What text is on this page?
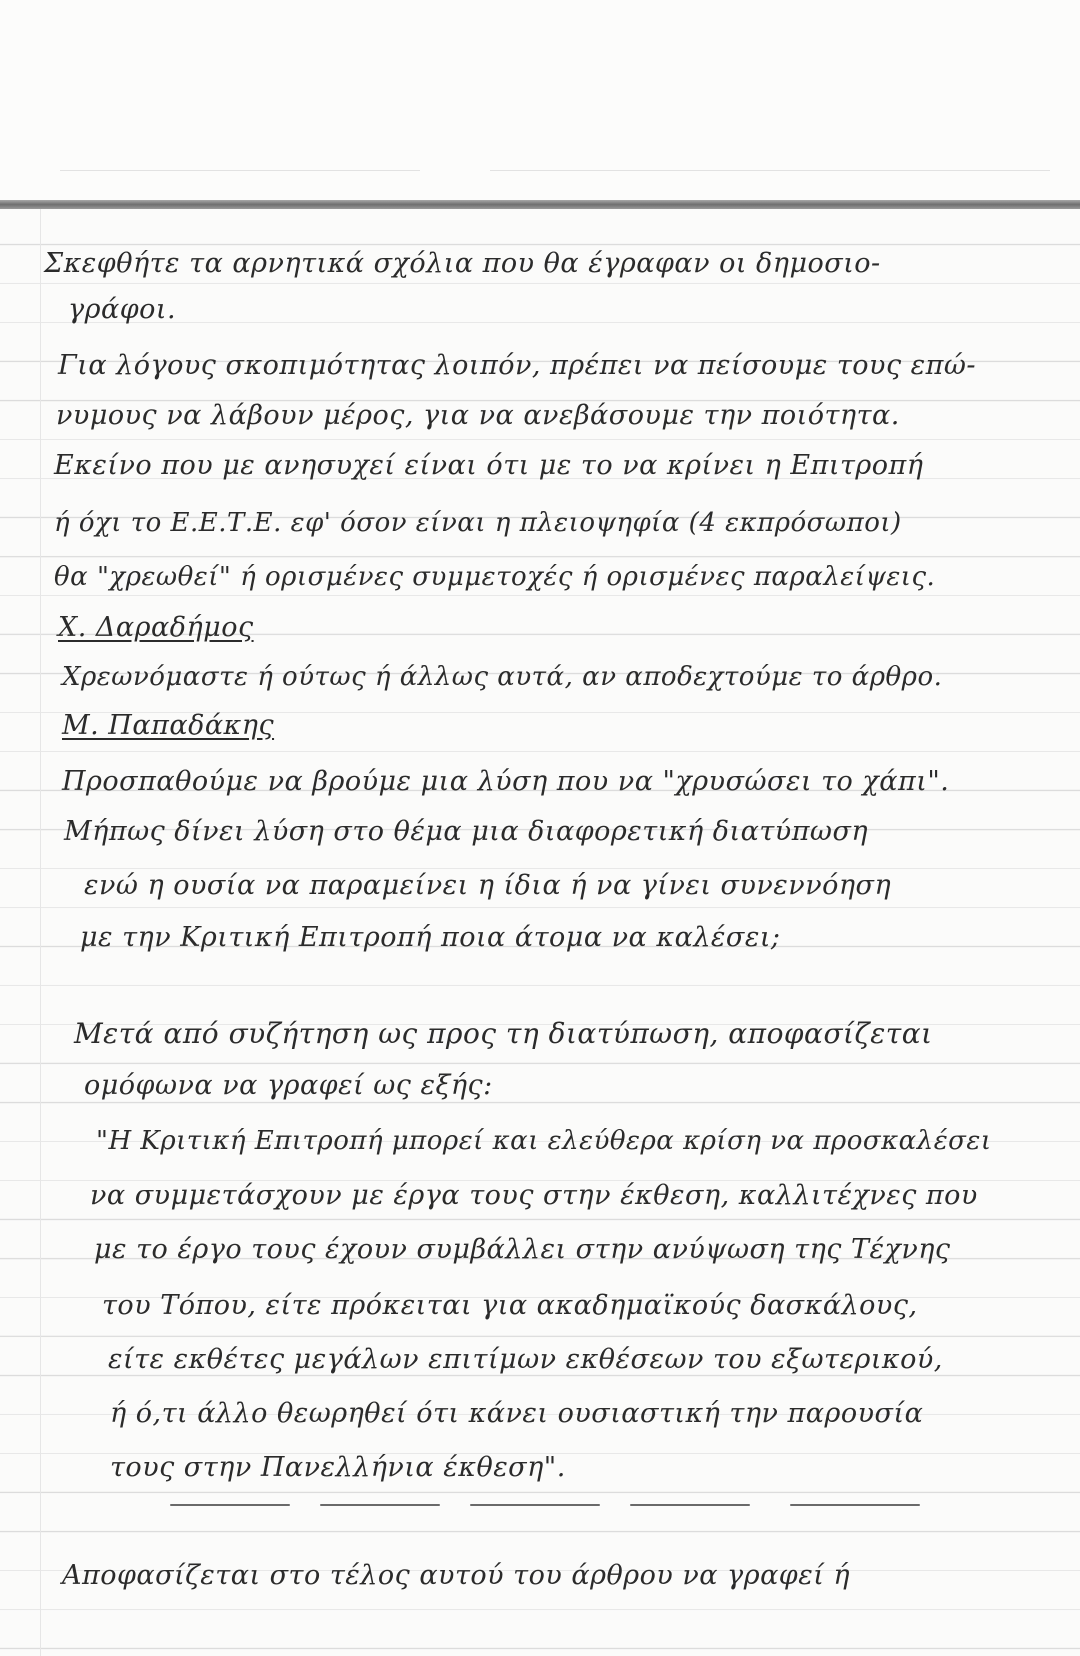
Σκεφθήτε τα αρνητικά σχόλια που θα έγραφαν οι δημοσιο-
γράφοι.
Για λόγους σκοπιμότητας λοιπόν, πρέπει να πείσουμε τους επώ-
νυμους να λάβουν μέρος, για να ανεβάσουμε την ποιότητα.
Εκείνο που με ανησυχεί είναι ότι με το να κρίνει η Επιτροπή
ή όχι το Ε.Ε.Τ.Ε. εφ' όσον είναι η πλειοψηφία (4 εκπρόσωποι)
θα "χρεωθεί" ή ορισμένες συμμετοχές ή ορισμένες παραλείψεις.
Χ. Δαραδήμος
Χρεωνόμαστε ή ούτως ή άλλως αυτά, αν αποδεχτούμε το άρθρο.
Μ. Παπαδάκης
Προσπαθούμε να βρούμε μια λύση που να "χρυσώσει το χάπι".
Μήπως δίνει λύση στο θέμα μια διαφορετική διατύπωση
ενώ η ουσία να παραμείνει η ίδια ή να γίνει συνεννόηση
με την Κριτική Επιτροπή ποια άτομα να καλέσει;
Μετά από συζήτηση ως προς τη διατύπωση, αποφασίζεται
ομόφωνα να γραφεί ως εξής:
"Η Κριτική Επιτροπή μπορεί και ελεύθερα κρίση να προσκαλέσει
να συμμετάσχουν με έργα τους στην έκθεση, καλλιτέχνες που
με το έργο τους έχουν συμβάλλει στην ανύψωση της Τέχνης
του Τόπου, είτε πρόκειται για ακαδημαϊκούς δασκάλους,
είτε εκθέτες μεγάλων επιτίμων εκθέσεων του εξωτερικού,
ή ό,τι άλλο θεωρηθεί ότι κάνει ουσιαστική την παρουσία
τους στην Πανελλήνια έκθεση".
Αποφασίζεται στο τέλος αυτού του άρθρου να γραφεί ή
